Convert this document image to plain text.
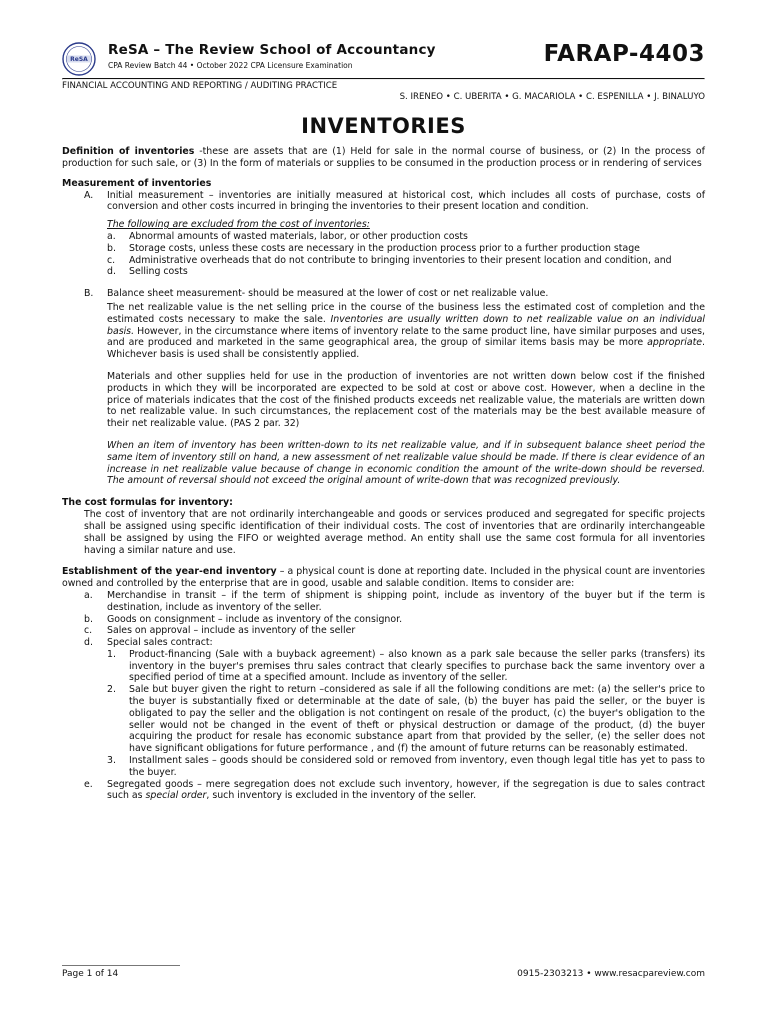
ReSA
ReSA – The Review School of Accountancy
CPA Review Batch 44 • October 2022 CPA Licensure Examination	FARAP-4403
FINANCIAL ACCOUNTING AND REPORTING / AUDITING PRACTICE
S. IRENEO • C. UBERITA • G. MACARIOLA • C. ESPENILLA • J. BINALUYO
INVENTORIES

Definition of inventories -these are assets that are (1) Held for sale in the normal course of business, or (2) In the process of production for such sale, or (3) In the form of materials or supplies to be consumed in the production process or in rendering of services

Measurement of inventories
A.	Initial measurement – inventories are initially measured at historical cost, which includes all costs of purchase, costs of conversion and other costs incurred in bringing the inventories to their present location and condition.
The following are excluded from the cost of inventories:
a.	Abnormal amounts of wasted materials, labor, or other production costs
b.	Storage costs, unless these costs are necessary in the production process prior to a further production stage
c.	Administrative overheads that do not contribute to bringing inventories to their present location and condition, and
d.	Selling costs
B.	Balance sheet measurement- should be measured at the lower of cost or net realizable value.

The net realizable value is the net selling price in the course of the business less the estimated cost of completion and the estimated costs necessary to make the sale. Inventories are usually written down to net realizable value on an individual basis. However, in the circumstance where items of inventory relate to the same product line, have similar purposes and uses, and are produced and marketed in the same geographical area, the group of similar items basis may be more appropriate. Whichever basis is used shall be consistently applied.

Materials and other supplies held for use in the production of inventories are not written down below cost if the finished products in which they will be incorporated are expected to be sold at cost or above cost. However, when a decline in the price of materials indicates that the cost of the finished products exceeds net realizable value, the materials are written down to net realizable value. In such circumstances, the replacement cost of the materials may be the best available measure of their net realizable value. (PAS 2 par. 32)

When an item of inventory has been written-down to its net realizable value, and if in subsequent balance sheet period the same item of inventory still on hand, a new assessment of net realizable value should be made. If there is clear evidence of an increase in net realizable value because of change in economic condition the amount of the write-down should be reversed. The amount of reversal should not exceed the original amount of write-down that was recognized previously.

The cost formulas for inventory:

The cost of inventory that are not ordinarily interchangeable and goods or services produced and segregated for specific projects shall be assigned using specific identification of their individual costs. The cost of inventories that are ordinarily interchangeable shall be assigned by using the FIFO or weighted average method. An entity shall use the same cost formula for all inventories having a similar nature and use.

Establishment of the year-end inventory – a physical count is done at reporting date. Included in the physical count are inventories owned and controlled by the enterprise that are in good, usable and salable condition. Items to consider are:

a.	Merchandise in transit – if the term of shipment is shipping point, include as inventory of the buyer but if the term is destination, include as inventory of the seller.
b.	Goods on consignment – include as inventory of the consignor.
c.	Sales on approval – include as inventory of the seller
d.	Special sales contract:
1.	Product-financing (Sale with a buyback agreement) – also known as a park sale because the seller parks (transfers) its inventory in the buyer's premises thru sales contract that clearly specifies to purchase back the same inventory over a specified period of time at a specified amount. Include as inventory of the seller.
2.	Sale but buyer given the right to return –considered as sale if all the following conditions are met: (a) the seller's price to the buyer is substantially fixed or determinable at the date of sale, (b) the buyer has paid the seller, or the buyer is obligated to pay the seller and the obligation is not contingent on resale of the product, (c) the buyer's obligation to the seller would not be changed in the event of theft or physical destruction or damage of the product, (d) the buyer acquiring the product for resale has economic substance apart from that provided by the seller, (e) the seller does not have significant obligations for future performance , and (f) the amount of future returns can be reasonably estimated.
3.	Installment sales – goods should be considered sold or removed from inventory, even though legal title has yet to pass to the buyer.
e.	Segregated goods – mere segregation does not exclude such inventory, however, if the segregation is due to sales contract such as special order, such inventory is excluded in the inventory of the seller.
Page 1 of 14	0915-2303213 • www.resacpareview.com
